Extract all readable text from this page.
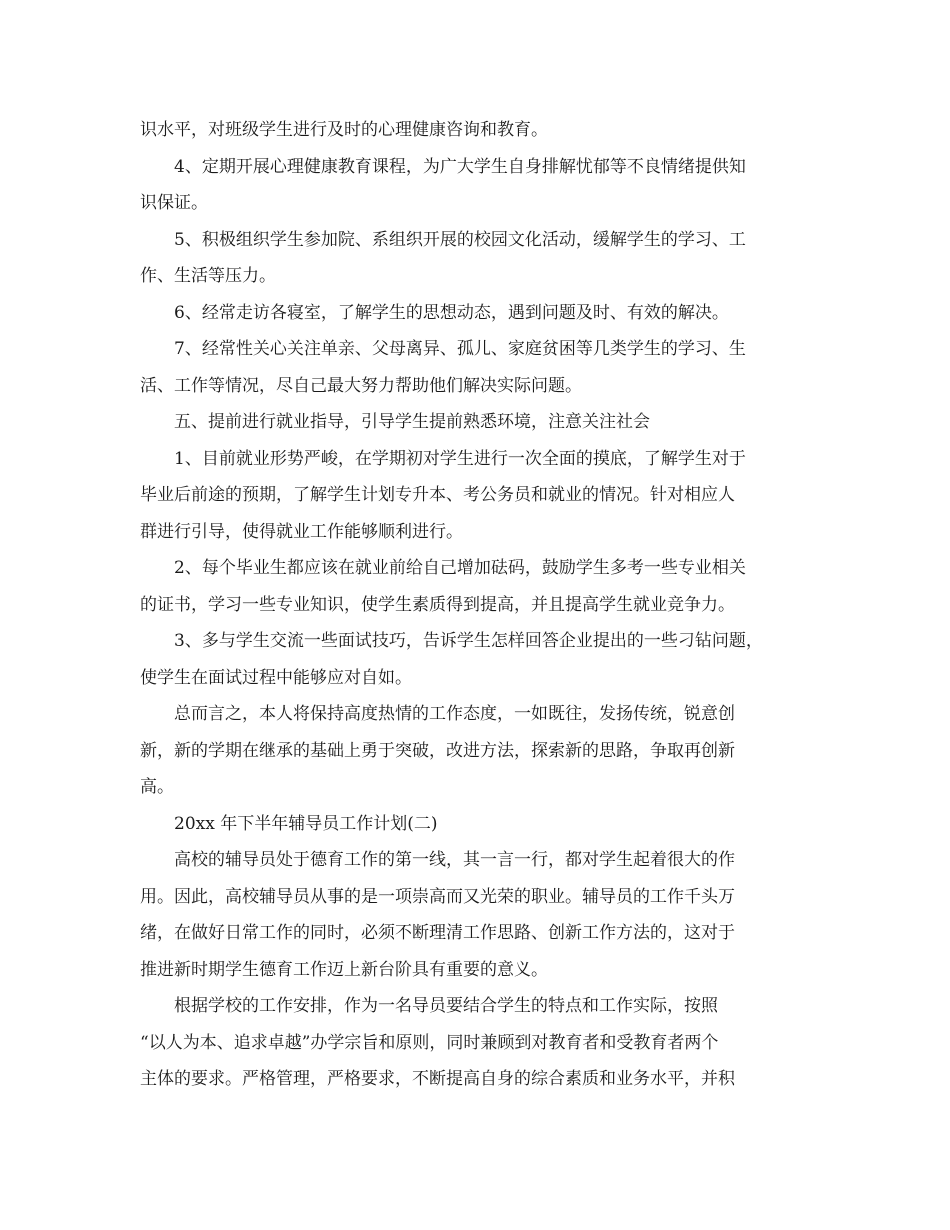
识水平，对班级学生进行及时的心理健康咨询和教育。
4、定期开展心理健康教育课程，为广大学生自身排解忧郁等不良情绪提供知
识保证。
5、积极组织学生参加院、系组织开展的校园文化活动，缓解学生的学习、工
作、生活等压力。
6、经常走访各寝室，了解学生的思想动态，遇到问题及时、有效的解决。
7、经常性关心关注单亲、父母离异、孤儿、家庭贫困等几类学生的学习、生
活、工作等情况，尽自己最大努力帮助他们解决实际问题。
五、提前进行就业指导，引导学生提前熟悉环境，注意关注社会
1、目前就业形势严峻，在学期初对学生进行一次全面的摸底，了解学生对于
毕业后前途的预期，了解学生计划专升本、考公务员和就业的情况。针对相应人
群进行引导，使得就业工作能够顺利进行。
2、每个毕业生都应该在就业前给自己增加砝码，鼓励学生多考一些专业相关
的证书，学习一些专业知识，使学生素质得到提高，并且提高学生就业竞争力。
3、多与学生交流一些面试技巧，告诉学生怎样回答企业提出的一些刁钻问题，
使学生在面试过程中能够应对自如。
总而言之，本人将保持高度热情的工作态度，一如既往，发扬传统，锐意创
新，新的学期在继承的基础上勇于突破，改进方法，探索新的思路，争取再创新
高。
20xx 年下半年辅导员工作计划(二)
高校的辅导员处于德育工作的第一线，其一言一行，都对学生起着很大的作
用。因此，高校辅导员从事的是一项崇高而又光荣的职业。辅导员的工作千头万
绪，在做好日常工作的同时，必须不断理清工作思路、创新工作方法的，这对于
推进新时期学生德育工作迈上新台阶具有重要的意义。
根据学校的工作安排，作为一名导员要结合学生的特点和工作实际，按照
“以人为本、追求卓越”办学宗旨和原则，同时兼顾到对教育者和受教育者两个
主体的要求。严格管理，严格要求，不断提高自身的综合素质和业务水平，并积
